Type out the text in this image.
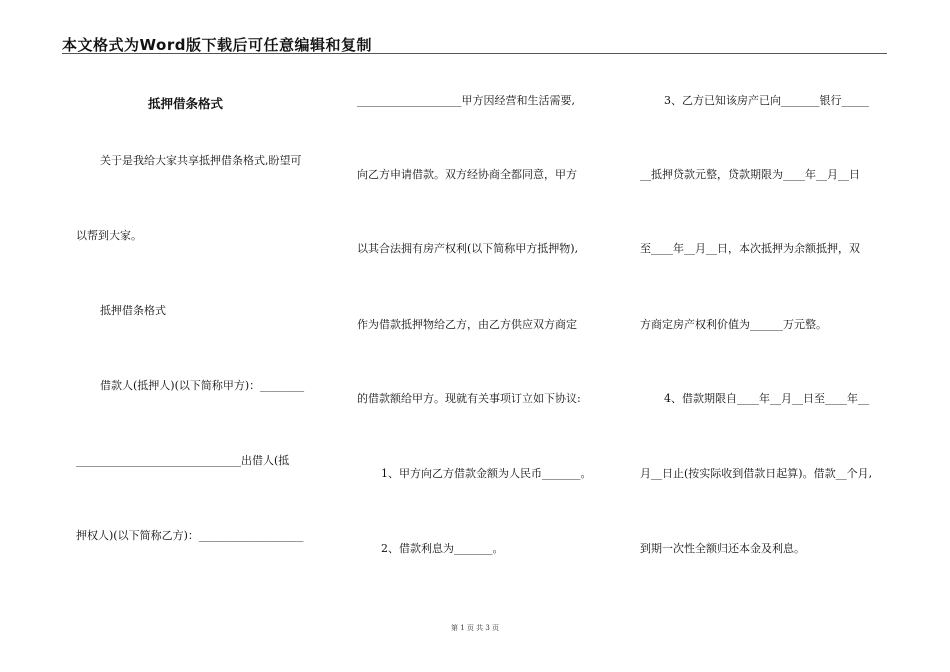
本文格式为Word版下载后可任意编辑和复制
抵押借条格式
关于是我给大家共享抵押借条格式,盼望可
以帮到大家。
抵押借条格式
借款人(抵押人)(以下简称甲方)：________
______________________________出借人(抵
押权人)(以下简称乙方)：___________________
___________________甲方因经营和生活需要,
向乙方申请借款。双方经协商全都同意，甲方
以其合法拥有房产权利(以下简称甲方抵押物),
作为借款抵押物给乙方，由乙方供应双方商定
的借款额给甲方。现就有关事项订立如下协议:
1、甲方向乙方借款金额为人民币_______。
2、借款利息为_______。
3、乙方已知该房产已向_______银行_____
__抵押贷款元整，贷款期限为____年__月__日
至____年__月__日，本次抵押为余额抵押，双
方商定房产权利价值为______万元整。
4、借款期限自____年__月__日至____年__
月__日止(按实际收到借款日起算)。借款__个月,
到期一次性全额归还本金及利息。
第 1 页 共 3 页
